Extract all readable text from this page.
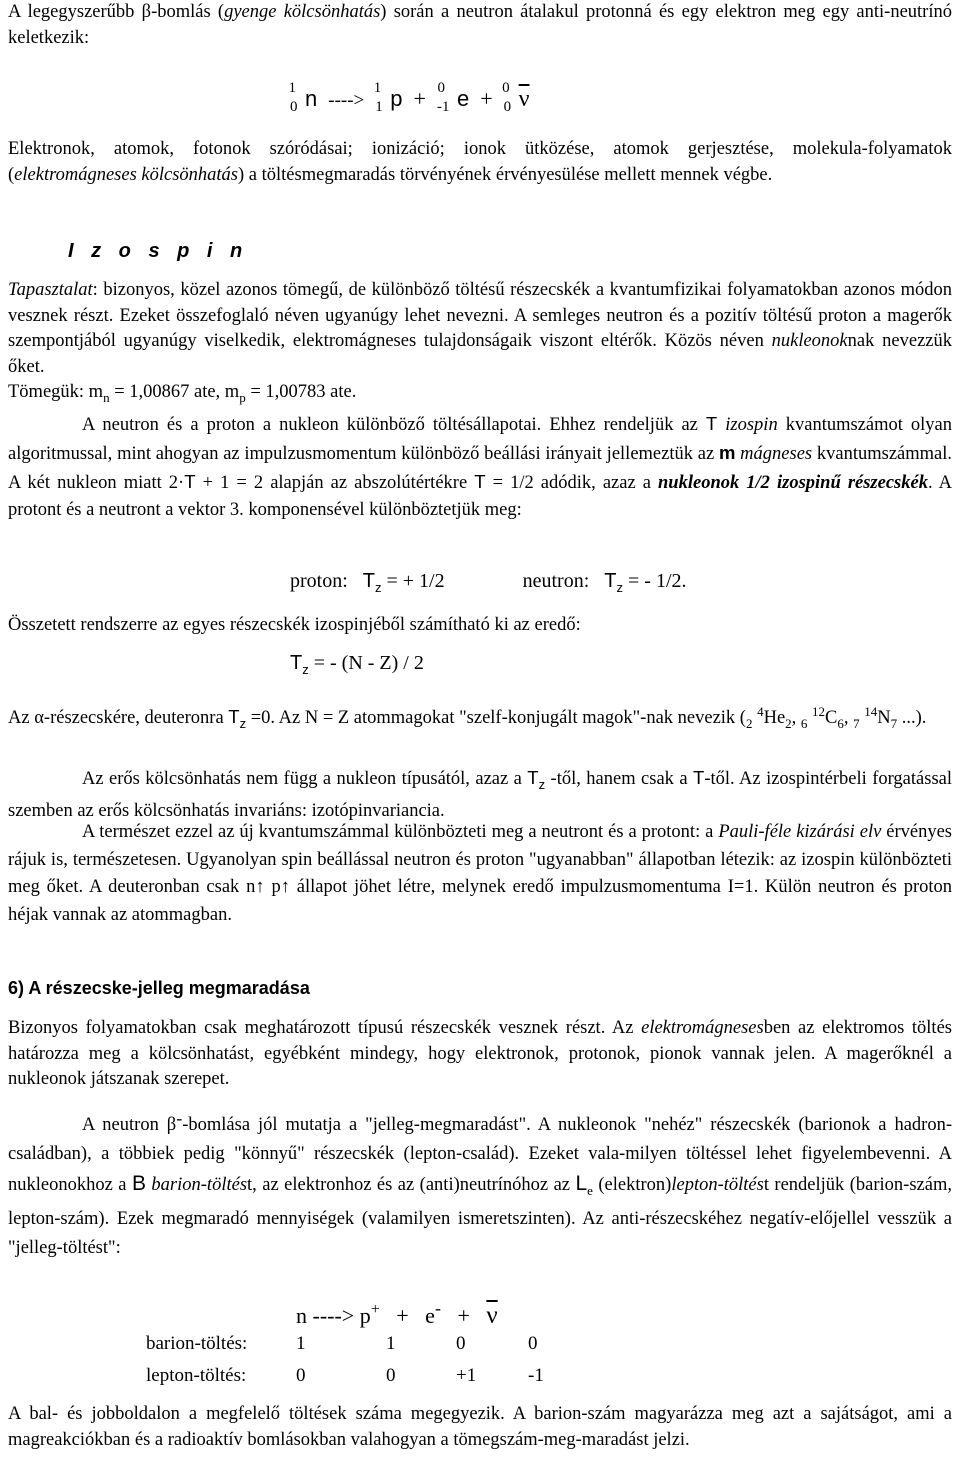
A legegyszerűbb β-bomlás (gyenge kölcsönhatás) során a neutron átalakul protonná és egy elektron meg egy anti-neutrínó keletkezik:

$_0^1$ n ----> $_1^1$ p + $_{-1}^0$ e + $_0^0$ $\overline{\nu}$

Elektronok, atomok, fotonok szóródásai; ionizáció; ionok ütközése, atomok gerjesztése, molekula-folyamatok (elektromágneses kölcsönhatás) a töltésmegmaradás törvényének érvényesülése mellett mennek végbe.

I z o s p i n

Tapasztalat: bizonyos, közel azonos tömegű, de különböző töltésű részecskék a kvantumfizikai folyamatokban azonos módon vesznek részt. Ezeket összefoglaló néven ugyanúgy lehet nevezni. A semleges neutron és a pozitív töltésű proton a magerők szempontjából ugyanúgy viselkedik, elektromágneses tulajdonságaik viszont eltérők. Közös néven nukleonoknak nevezzük őket.
Tömegük: $m_n = 1,00867$ ate, $m_p = 1,00783$ ate.

A neutron és a proton a nukleon különböző töltésállapotai. Ehhez rendeljük az T izospin kvantumszámot olyan algoritmussal, mint ahogyan az impulzusmomentum különböző beállási irányait jellemeztük az m mágneses kvantumszámmal. A két nukleon miatt 2·T + 1 = 2 alapján az abszolútértékre T = 1/2 adódik, azaz a nukleonok 1/2 izospinű részecskék. A protont és a neutront a vektor 3. komponensével különböztetjük meg:

proton: $T_z$ = + 1/2	neutron: $T_z$ = - 1/2.

Összetett rendszerre az egyes részecskék izospinjéből számítható ki az eredő:

$T_z$ = - (N - Z) / 2

Az α-részecskére, deuteronra $T_z =0$. Az N = Z atommagokat "szelf-konjugált magok"-nak nevezik ($_2$ $^4He_2$, $_6$ $^{12}C_6$, $_7$ $^{14}N_7$ ...).

Az erős kölcsönhatás nem függ a nukleon típusától, azaz a $T_z$ -től, hanem csak a T-től. Az izospintérbeli forgatással szemben az erős kölcsönhatás invariáns: izotópinvariancia.

A természet ezzel az új kvantumszámmal különbözteti meg a neutront és a protont: a Pauli-féle kizárási elv érvényes rájuk is, természetesen. Ugyanolyan spin beállással neutron és proton "ugyanabban" állapotban létezik: az izospin különbözteti meg őket. A deuteronban csak n↑ p↑ állapot jöhet létre, melynek eredő impulzusmomentuma I=1. Külön neutron és proton héjak vannak az atommagban.

6) A részecske-jelleg megmaradása

Bizonyos folyamatokban csak meghatározott típusú részecskék vesznek részt. Az elektromágnesesben az elektromos töltés határozza meg a kölcsönhatást, egyébként mindegy, hogy elektronok, protonok, pionok vannak jelen. A magerőknél a nukleonok játszanak szerepet.

A neutron β--bomlása jól mutatja a "jelleg-megmaradást". A nukleonok "nehéz" részecskék (barionok a hadron-családban), a többiek pedig "könnyű" részecskék (lepton-család). Ezeket vala-milyen töltéssel lehet figyelembevenni. A nukleonokhoz a B barion-töltést, az elektronhoz és az (anti)neutrínóhoz az $L_e$ (elektron)lepton-töltést rendeljük (barion-szám, lepton-szám). Ezek megmaradó mennyiségek (valamilyen ismeretszinten). Az anti-részecskéhez negatív-előjellel vesszük a "jelleg-töltést":

n ----> $p^+ + e^- + \overline{\nu}$
barion-töltés:	1	1	0	0
lepton-töltés:	0	0	+1	-1

A bal- és jobboldalon a megfelelő töltések száma megegyezik. A barion-szám magyarázza meg azt a sajátságot, ami a magreakciókban és a radioaktív bomlásokban valahogyan a tömegszám-meg-maradást jelzi.
